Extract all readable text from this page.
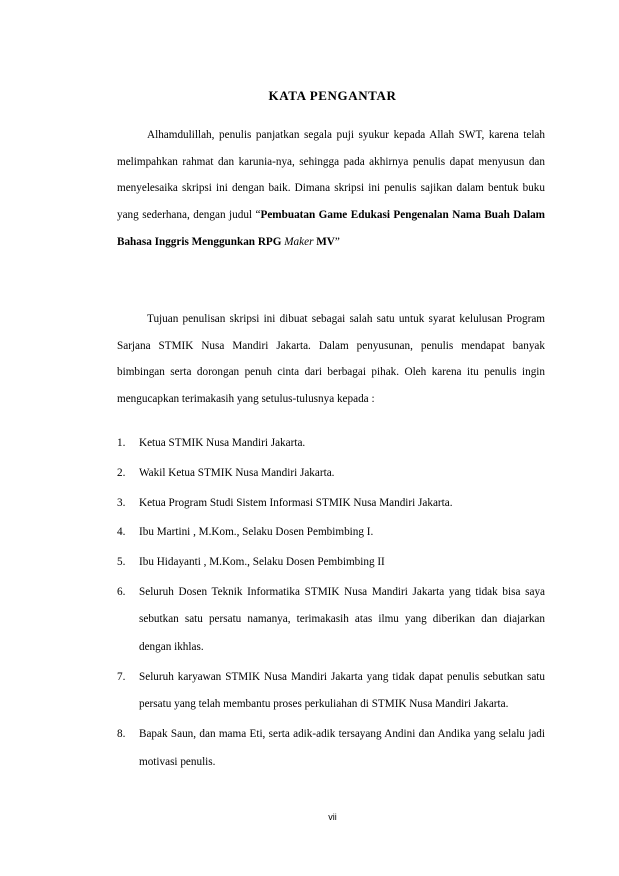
KATA PENGANTAR

Alhamdulillah, penulis panjatkan segala puji syukur kepada Allah SWT, karena telah melimpahkan rahmat dan karunia-nya, sehingga pada akhirnya penulis dapat menyusun dan menyelesaika skripsi ini dengan baik. Dimana skripsi ini penulis sajikan dalam bentuk buku yang sederhana, dengan judul “Pembuatan Game Edukasi Pengenalan Nama Buah Dalam Bahasa Inggris Menggunkan RPG Maker MV”

Tujuan penulisan skripsi ini dibuat sebagai salah satu untuk syarat kelulusan Program Sarjana STMIK Nusa Mandiri Jakarta. Dalam penyusunan, penulis mendapat banyak bimbingan serta dorongan penuh cinta dari berbagai pihak. Oleh karena itu penulis ingin mengucapkan terimakasih yang setulus-tulusnya kepada :

1. Ketua STMIK Nusa Mandiri Jakarta.
2. Wakil Ketua STMIK Nusa Mandiri Jakarta.
3. Ketua Program Studi Sistem Informasi STMIK Nusa Mandiri Jakarta.
4. Ibu Martini , M.Kom., Selaku Dosen Pembimbing I.
5. Ibu Hidayanti , M.Kom., Selaku Dosen Pembimbing II
6. Seluruh Dosen Teknik Informatika STMIK Nusa Mandiri Jakarta yang tidak bisa saya sebutkan satu persatu namanya, terimakasih atas ilmu yang diberikan dan diajarkan dengan ikhlas.
7. Seluruh karyawan STMIK Nusa Mandiri Jakarta yang tidak dapat penulis sebutkan satu persatu yang telah membantu proses perkuliahan di STMIK Nusa Mandiri Jakarta.
8. Bapak Saun, dan mama Eti, serta adik-adik tersayang Andini dan Andika yang selalu jadi motivasi penulis.
vii
